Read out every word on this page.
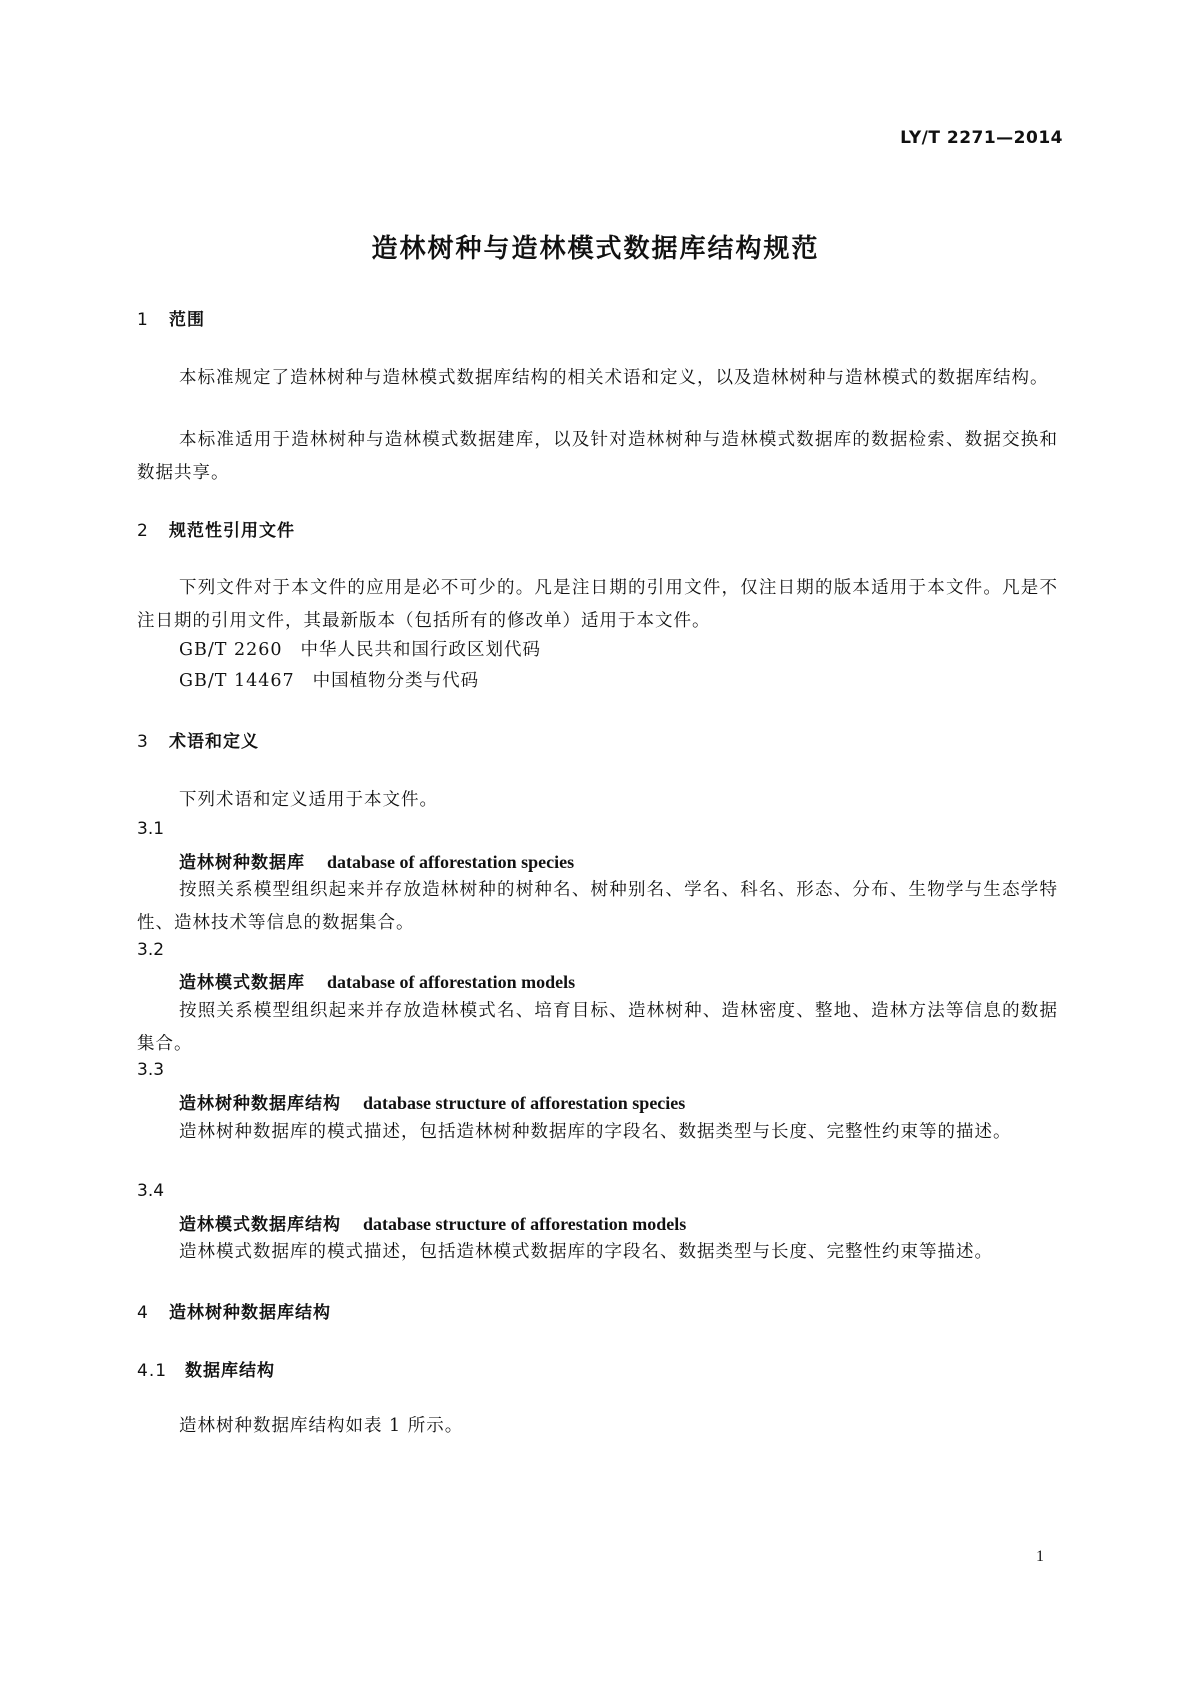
LY/T 2271—2014
造林树种与造林模式数据库结构规范
1 范围
本标准规定了造林树种与造林模式数据库结构的相关术语和定义，以及造林树种与造林模式的数据库结构。
本标准适用于造林树种与造林模式数据建库，以及针对造林树种与造林模式数据库的数据检索、数据交换和数据共享。
2 规范性引用文件
下列文件对于本文件的应用是必不可少的。凡是注日期的引用文件，仅注日期的版本适用于本文件。凡是不注日期的引用文件，其最新版本（包括所有的修改单）适用于本文件。
GB/T 2260 中华人民共和国行政区划代码
GB/T 14467 中国植物分类与代码
3 术语和定义
下列术语和定义适用于本文件。
3.1
造林树种数据库 database of afforestation species
按照关系模型组织起来并存放造林树种的树种名、树种别名、学名、科名、形态、分布、生物学与生态学特性、造林技术等信息的数据集合。
3.2
造林模式数据库 database of afforestation models
按照关系模型组织起来并存放造林模式名、培育目标、造林树种、造林密度、整地、造林方法等信息的数据集合。
3.3
造林树种数据库结构 database structure of afforestation species
造林树种数据库的模式描述，包括造林树种数据库的字段名、数据类型与长度、完整性约束等的描述。
3.4
造林模式数据库结构 database structure of afforestation models
造林模式数据库的模式描述，包括造林模式数据库的字段名、数据类型与长度、完整性约束等描述。
4 造林树种数据库结构
4.1 数据库结构
造林树种数据库结构如表 1 所示。
1
